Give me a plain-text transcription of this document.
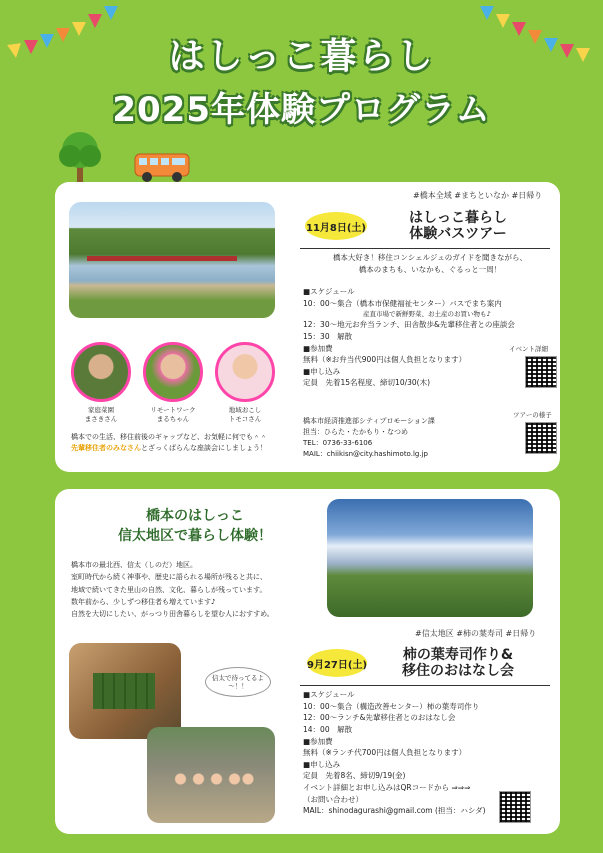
はしっこ暮らし
2025年体験プログラム
#橋本全域 #まちといなか #日帰り
11月8日(土)
はしっこ暮らし
体験バスツアー
橋本大好き！移住コンシェルジュのガイドを聞きながら、
橋本のまちも、いなかも、ぐるっと一周！
■スケジュール
10：00～集合（橋本市保健福祉センター）バスでまち案内
産直市場で新鮮野菜、お土産のお買い物も♪
12：30～地元お弁当ランチ、田舎散歩&先輩移住者との座談会
15：30　解散
■参加費
無料（※お弁当代900円は個人負担となります）
■申し込み
定員　先着15名程度、締切10/30(木)
イベント詳細
ツアーの様子
橋本市経済推進部シティプロモーション課
担当：ひらた・たかもり・なつめ
TEL：0736-33-6106
MAIL：chiikisn@city.hashimoto.lg.jp
家庭菜園
まさきさん
リモートワーク
まるちゃん
地域おこし
トモコさん
橋本での生活、移住前後のギャップなど、お気軽に何でも＾＾
先輩移住者のみなさんとざっくばらんな座談会にしましょう！
橋本のはしっこ
信太地区で暮らし体験！
橋本市の最北西、信太（しのだ）地区。
室町時代から続く神事や、歴史に語られる場所が残ると共に、
地域で続いてきた里山の自然、文化、暮らしが残っています。
数年前から、少しずつ移住者も増えています♪
自然を大切にしたい、がっつり田舎暮らしを望む人におすすめ。
#信太地区 #柿の葉寿司 #日帰り
9月27日(土)
柿の葉寿司作り&
移住のおはなし会
信太で待ってるよ～！！
■スケジュール
10：00～集合（構造改善センター）柿の葉寿司作り
12：00～ランチ&先輩移住者とのおはなし会
14：00　解散
■参加費
無料（※ランチ代700円は個人負担となります）
■申し込み
定員　先着8名、締切9/19(金)
イベント詳細とお申し込みはQRコードから ⇒⇒⇒
（お問い合わせ）
MAIL：shinodagurashi@gmail.com (担当：ハシダ)
